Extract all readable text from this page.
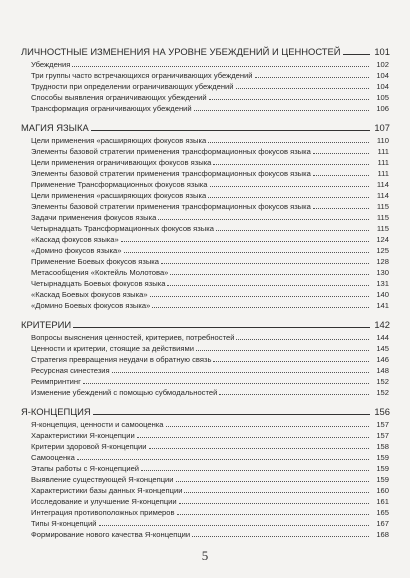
ЛИЧНОСТНЫЕ ИЗМЕНЕНИЯ НА УРОВНЕ УБЕЖДЕНИЙ И ЦЕННОСТЕЙ	101
Убеждения	102
Три группы часто встречающихся ограничивающих убеждений	104
Трудности при определении ограничивающих убеждений	104
Способы выявления ограничивающих убеждений	105
Трансформация ограничивающих убеждений	106
МАГИЯ ЯЗЫКА	107
Цели применения «расширяющих фокусов языка	110
Элементы базовой стратегии применения трансформационных фокусов языка	111
Цели применения ограничивающих фокусов языка	111
Элементы базовой стратегии применения трансформационных фокусов языка	111
Применение Трансформационных фокусов языка	114
Цели применения «расширяющих фокусов языка	114
Элементы базовой стратегии применения трансформационных фокусов языка	115
Задачи применения фокусов языка	115
Четырнадцать Трансформационных фокусов языка	115
«Каскад фокусов языка»	124
«Домино фокусов языка»	125
Применение Боевых фокусов языка	128
Метасообщения «Коктейль Молотова»	130
Четырнадцать Боевых фокусов языка	131
«Каскад Боевых фокусов языка»	140
«Домино Боевых фокусов языка»	141
КРИТЕРИИ	142
Вопросы выяснения ценностей, критериев, потребностей	144
Ценности и критерии, стоящие за действиями	145
Стратегия превращения неудачи в обратную связь	146
Ресурсная синестезия	148
Реимпринтинг	152
Изменение убеждений с помощью субмодальностей	152
Я-КОНЦЕПЦИЯ	156
Я-концепция, ценности и самооценка	157
Характеристики Я-концепции	157
Критерии здоровой Я-концепции	158
Самооценка	159
Этапы работы с Я-концепцией	159
Выявление существующей Я-концепции	159
Характеристики базы данных Я-концепции	160
Исследование и улучшение Я-концепции	161
Интеграция противоположных примеров	165
Типы Я-концепций	167
Формирование нового качества Я-концепции	168
5
